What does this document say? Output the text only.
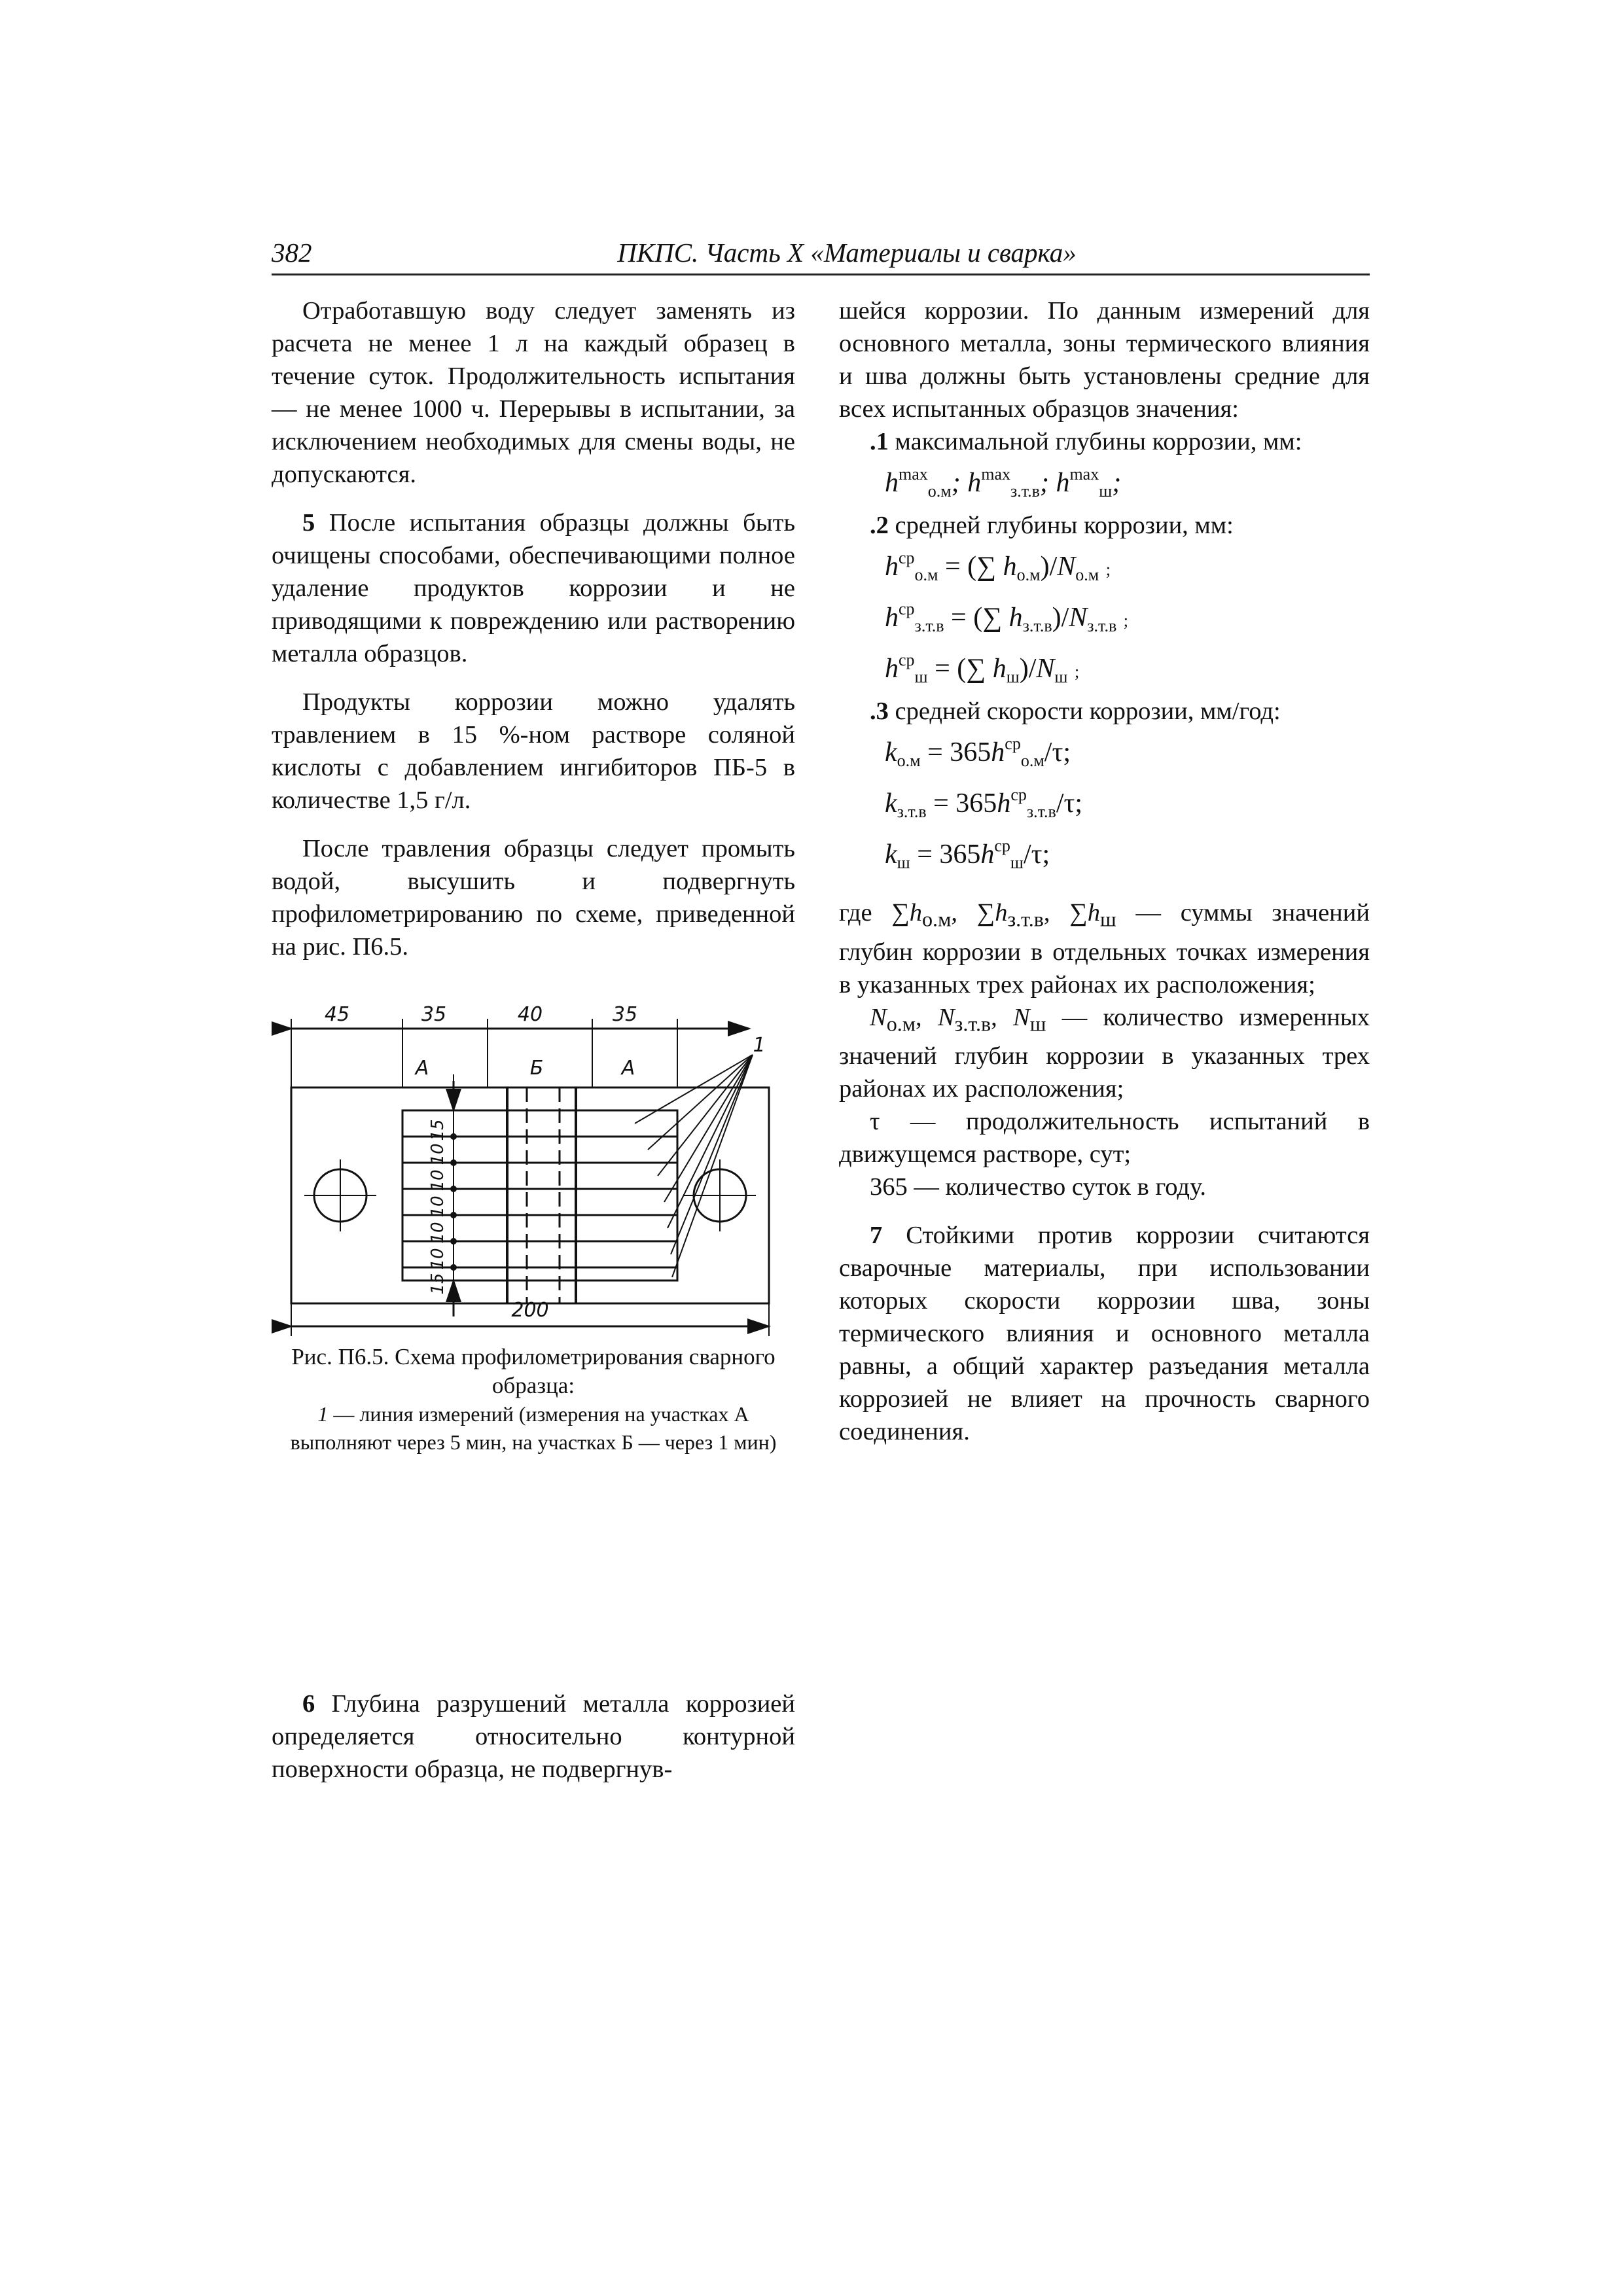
382	ПКПС. Часть X «Материалы и сварка»

Отработавшую воду следует заменять из расчета не менее 1 л на каждый образец в течение суток. Продолжительность испытания — не менее 1000 ч. Перерывы в испытании, за исключением необходимых для смены воды, не допускаются.

5 После испытания образцы должны быть очищены способами, обеспечивающими полное удаление продуктов коррозии и не приводящими к повреждению или растворению металла образцов.

Продукты коррозии можно удалять травлением в 15 %-ном растворе соляной кислоты с добавлением ингибиторов ПБ-5 в количестве 1,5 г/л.

После травления образцы следует промыть водой, высушить и подвергнуть профилометрированию по схеме, приведенной на рис. П6.5.

45	35	40	35
А	Б	А
1
200
15
10
10
10
10
10
15
Рис. П6.5. Схема профилометрирования сварного образца:
1 — линия измерений (измерения на участках А выполняют через 5 мин, на участках Б — через 1 мин)

6 Глубина разрушений металла коррозией определяется относительно контурной поверхности образца, не подвергнув-

шейся коррозии. По данным измерений для основного металла, зоны термического влияния и шва должны быть установлены средние для всех испытанных образцов значения:

.1 максимальной глубины коррозии, мм:

$h^{max}_{о.м}$; $h^{max}_{з.т.в}$; $h^{max}_ш$;

.2 средней глубины коррозии, мм:

$h^{ср}_{о.м}$ = (∑ $h_{о.м})/N_{о.м}$ ;
$h^{ср}_{з.т.в}$ = (∑ $h_{з.т.в})/N_{з.т.в}$ ;
$h^{ср}_ш$ = (∑ $h_ш)/N_ш$ ;

.3 средней скорости коррозии, мм/год:

$k_{о.м} = 365h^{ср}_{о.м}/\tau$;
$k_{з.т.в} = 365h^{ср}_{з.т.в}/\tau$;
$k_ш = 365h^{ср}_ш/\tau$;

где $\sum h_{о.м}$, $\sum h_{з.т.в}$, $\sum h_ш$ — суммы значений глубин коррозии в отдельных точках измерения в указанных трех районах их расположения;

$N_{о.м}$, $N_{з.т.в}$, $N_ш$ — количество измеренных значений глубин коррозии в указанных трех районах их расположения;

τ — продолжительность испытаний в движущемся растворе, сут;

365 — количество суток в году.

7 Стойкими против коррозии считаются сварочные материалы, при использовании которых скорости коррозии шва, зоны термического влияния и основного металла равны, а общий характер разъедания металла коррозией не влияет на прочность сварного соединения.
